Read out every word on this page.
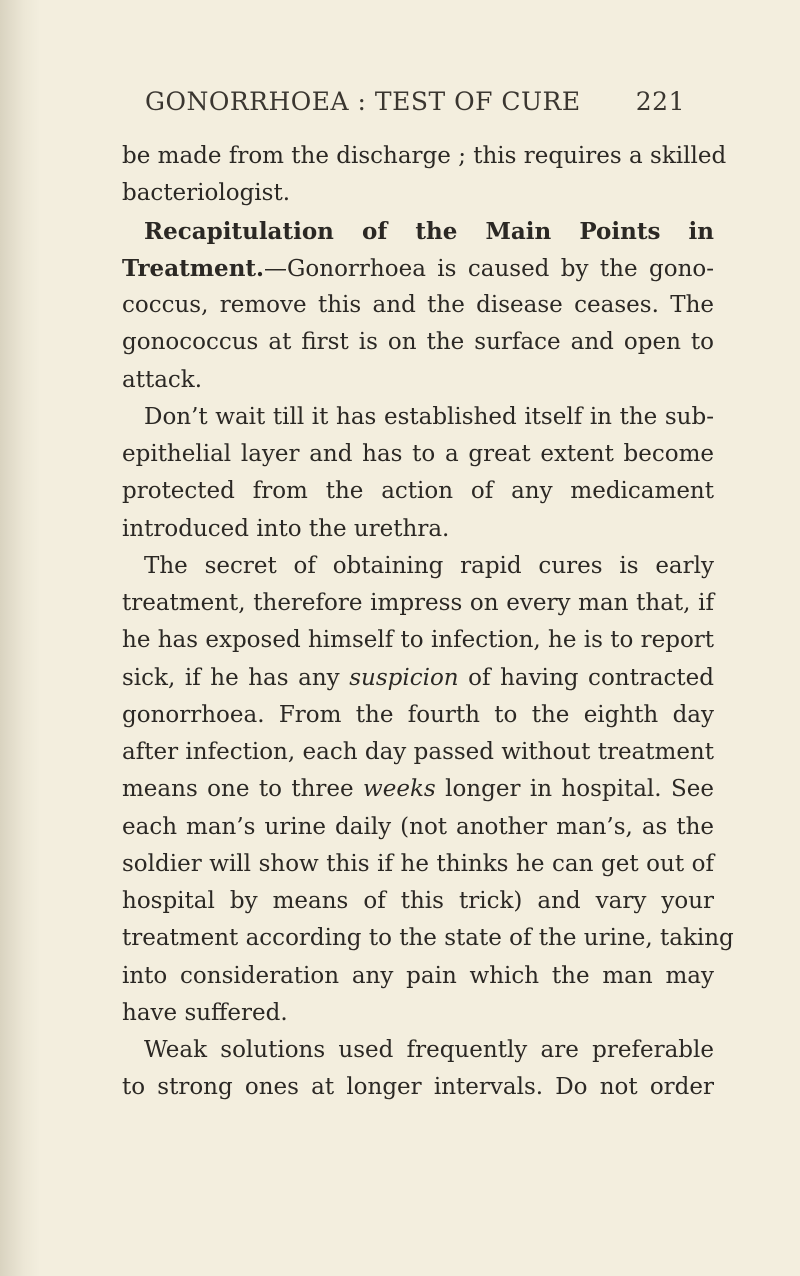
GONORRHOEA : TEST OF CURE 221
be made from the discharge ; this requires a skilled
bacteriologist.
Recapitulation of the Main Points in
Treatment.—Gonorrhoea is caused by the gono-
coccus, remove this and the disease ceases. The
gonococcus at first is on the surface and open to
attack.
Don’t wait till it has established itself in the sub-
epithelial layer and has to a great extent become
protected from the action of any medicament
introduced into the urethra.
The secret of obtaining rapid cures is early
treatment, therefore impress on every man that, if
he has exposed himself to infection, he is to report
sick, if he has any suspicion of having contracted
gonorrhoea. From the fourth to the eighth day
after infection, each day passed without treatment
means one to three weeks longer in hospital. See
each man’s urine daily (not another man’s, as the
soldier will show this if he thinks he can get out of
hospital by means of this trick) and vary your
treatment according to the state of the urine, taking
into consideration any pain which the man may
have suffered.
Weak solutions used frequently are preferable
to strong ones at longer intervals. Do not order
